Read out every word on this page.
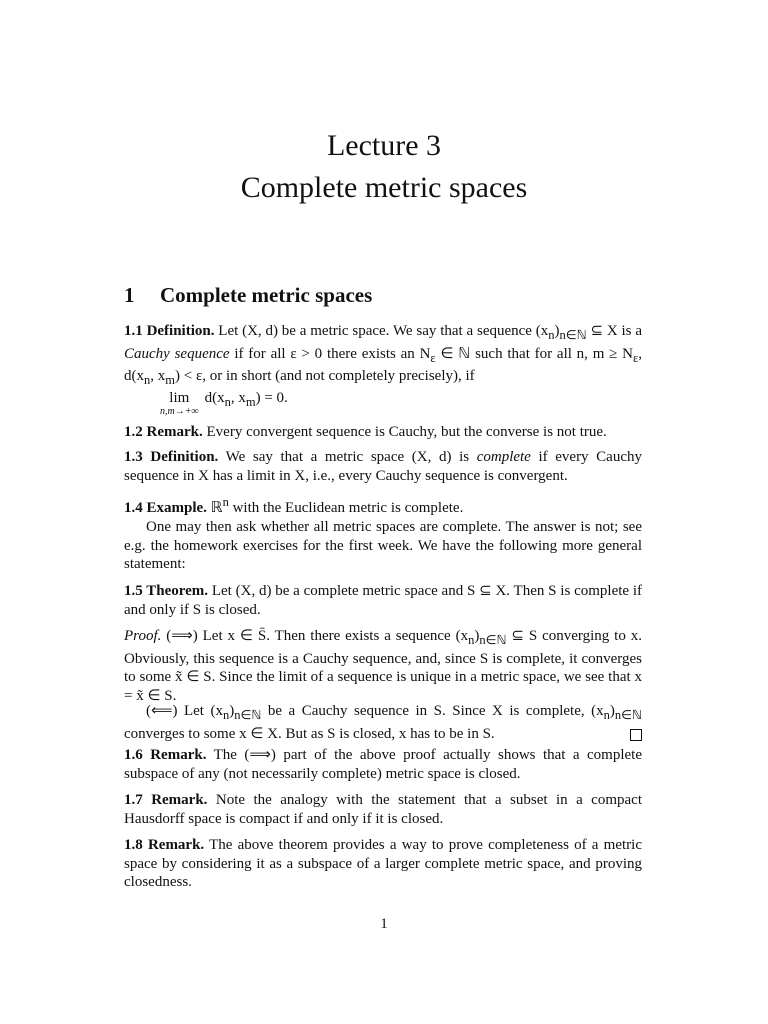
Lecture 3
Complete metric spaces
1 Complete metric spaces
1.1 Definition. Let (X, d) be a metric space. We say that a sequence $(x_n)_{n\in ℕ}$ ⊆ X is a Cauchy sequence if for all ε > 0 there exists an $N_\varepsilon$ ∈ ℕ such that for all n, $m \ge N_\varepsilon$, $d(x_n$, $x_m) < \varepsilon$, or in short (and not completely precisely), if
lim
n,m→+∞
$d(x_n$, $x_m) = 0$.
1.2 Remark. Every convergent sequence is Cauchy, but the converse is not true.
1.3 Definition. We say that a metric space (X, d) is complete if every Cauchy sequence in X has a limit in X, i.e., every Cauchy sequence is convergent.
1.4 Example. ℝ$^n$ with the Euclidean metric is complete.
One may then ask whether all metric spaces are complete. The answer is not; see e.g. the homework exercises for the first week. We have the following more general statement:
1.5 Theorem. Let (X, d) be a complete metric space and S ⊆ X. Then S is complete if and only if S is closed.
Proof. (⟹) Let x ∈ S̄. Then there exists a sequence $(x_n)_{n\in ℕ}$ ⊆ S converging to x. Obviously, this sequence is a Cauchy sequence, and, since S is complete, it converges to some x̃ ∈ S. Since the limit of a sequence is unique in a metric space, we see that x = x̃ ∈ S.
(⟸) Let $(x_n)_{n\in ℕ}$ be a Cauchy sequence in S. Since X is complete, $(x_n)_{n\in ℕ}$ converges to some x ∈ X. But as S is closed, x has to be in S.
1.6 Remark. The (⟹) part of the above proof actually shows that a complete subspace of any (not necessarily complete) metric space is closed.
1.7 Remark. Note the analogy with the statement that a subset in a compact Hausdorff space is compact if and only if it is closed.
1.8 Remark. The above theorem provides a way to prove completeness of a metric space by considering it as a subspace of a larger complete metric space, and proving closedness.
1
